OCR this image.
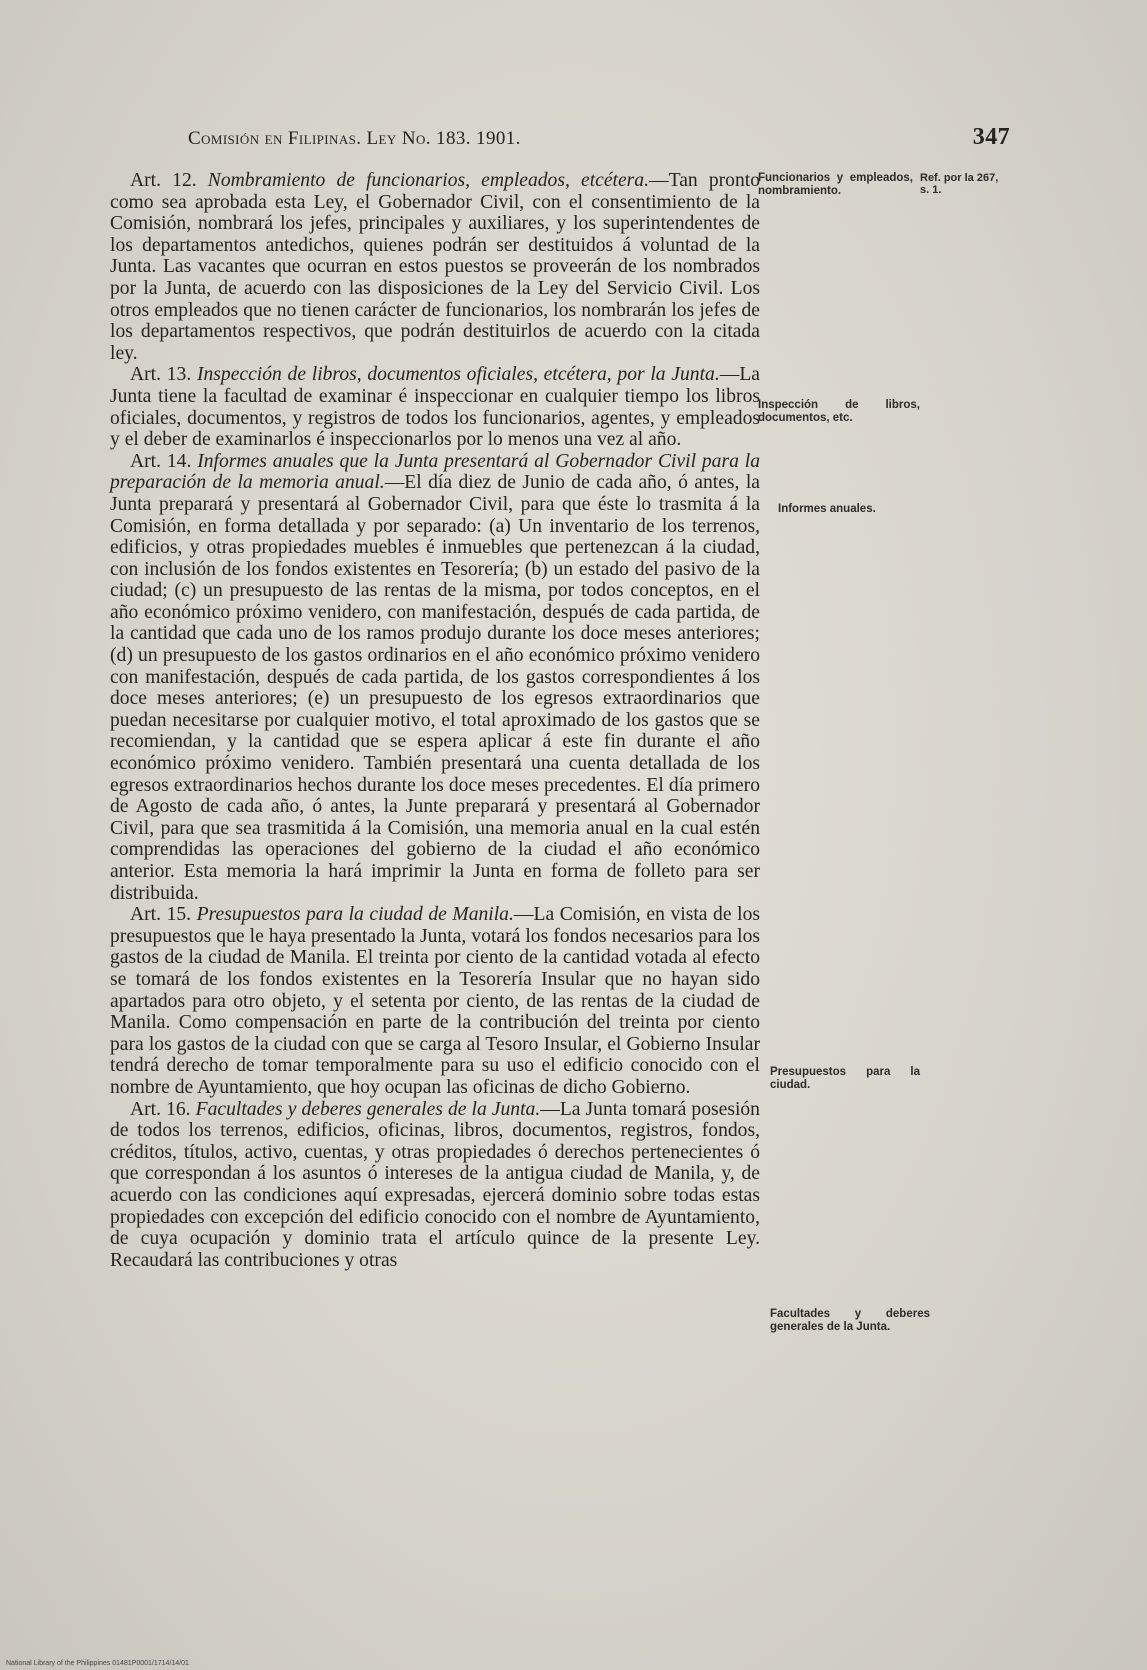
Comisión en Filipinas. Ley No. 183. 1901.	347
Ref. por la 267, s. 1.

Art. 12. Nombramiento de funcionarios, empleados, etcétera.—Tan pronto como sea aprobada esta Ley, el Gobernador Civil, con el consentimiento de la Comisión, nombrará los jefes, principales y auxiliares, y los superintendentes de los departamentos antedichos, quienes podrán ser destituidos á voluntad de la Junta. Las vacantes que ocurran en estos puestos se proveerán de los nombrados por la Junta, de acuerdo con las disposiciones de la Ley del Servicio Civil. Los otros empleados que no tienen carácter de funcionarios, los nombrarán los jefes de los departamentos respectivos, que podrán destituirlos de acuerdo con la citada ley.

Art. 13. Inspección de libros, documentos oficiales, etcétera, por la Junta.—La Junta tiene la facultad de examinar é inspeccionar en cualquier tiempo los libros oficiales, documentos, y registros de todos los funcionarios, agentes, y empleados y el deber de examinarlos é inspeccionarlos por lo menos una vez al año.

Art. 14. Informes anuales que la Junta presentará al Gobernador Civil para la preparación de la memoria anual.—El día diez de Junio de cada año, ó antes, la Junta preparará y presentará al Gobernador Civil, para que éste lo trasmita á la Comisión, en forma detallada y por separado: (a) Un inventario de los terrenos, edificios, y otras propiedades muebles é inmuebles que pertenezcan á la ciudad, con inclusión de los fondos existentes en Tesorería; (b) un estado del pasivo de la ciudad; (c) un presupuesto de las rentas de la misma, por todos conceptos, en el año económico próximo venidero, con manifestación, después de cada partida, de la cantidad que cada uno de los ramos produjo durante los doce meses anteriores; (d) un presupuesto de los gastos ordinarios en el año económico próximo venidero con manifestación, después de cada partida, de los gastos correspondientes á los doce meses anteriores; (e) un presupuesto de los egresos extraordinarios que puedan necesitarse por cualquier motivo, el total aproximado de los gastos que se recomiendan, y la cantidad que se espera aplicar á este fin durante el año económico próximo venidero. También presentará una cuenta detallada de los egresos extraordinarios hechos durante los doce meses precedentes. El día primero de Agosto de cada año, ó antes, la Junte preparará y presentará al Gobernador Civil, para que sea trasmitida á la Comisión, una memoria anual en la cual estén comprendidas las operaciones del gobierno de la ciudad el año económico anterior. Esta memoria la hará imprimir la Junta en forma de folleto para ser distribuida.

Art. 15. Presupuestos para la ciudad de Manila.—La Comisión, en vista de los presupuestos que le haya presentado la Junta, votará los fondos necesarios para los gastos de la ciudad de Manila. El treinta por ciento de la cantidad votada al efecto se tomará de los fondos existentes en la Tesorería Insular que no hayan sido apartados para otro objeto, y el setenta por ciento, de las rentas de la ciudad de Manila. Como compensación en parte de la contribución del treinta por ciento para los gastos de la ciudad con que se carga al Tesoro Insular, el Gobierno Insular tendrá derecho de tomar temporalmente para su uso el edificio conocido con el nombre de Ayuntamiento, que hoy ocupan las oficinas de dicho Gobierno.

Art. 16. Facultades y deberes generales de la Junta.—La Junta tomará posesión de todos los terrenos, edificios, oficinas, libros, documentos, registros, fondos, créditos, títulos, activo, cuentas, y otras propiedades ó derechos pertenecientes ó que correspondan á los asuntos ó intereses de la antigua ciudad de Manila, y, de acuerdo con las condiciones aquí expresadas, ejercerá dominio sobre todas estas propiedades con excepción del edificio conocido con el nombre de Ayuntamiento, de cuya ocupación y dominio trata el artículo quince de la presente Ley. Recaudará las contribuciones y otras

Funcionarios y empleados, nombramiento.
Inspección de libros, documentos, etc.
Informes anuales.
Presupuestos para la ciudad.
Facultades y deberes generales de la Junta.
National Library of the Philippines 01481P0001/1714/14/01
